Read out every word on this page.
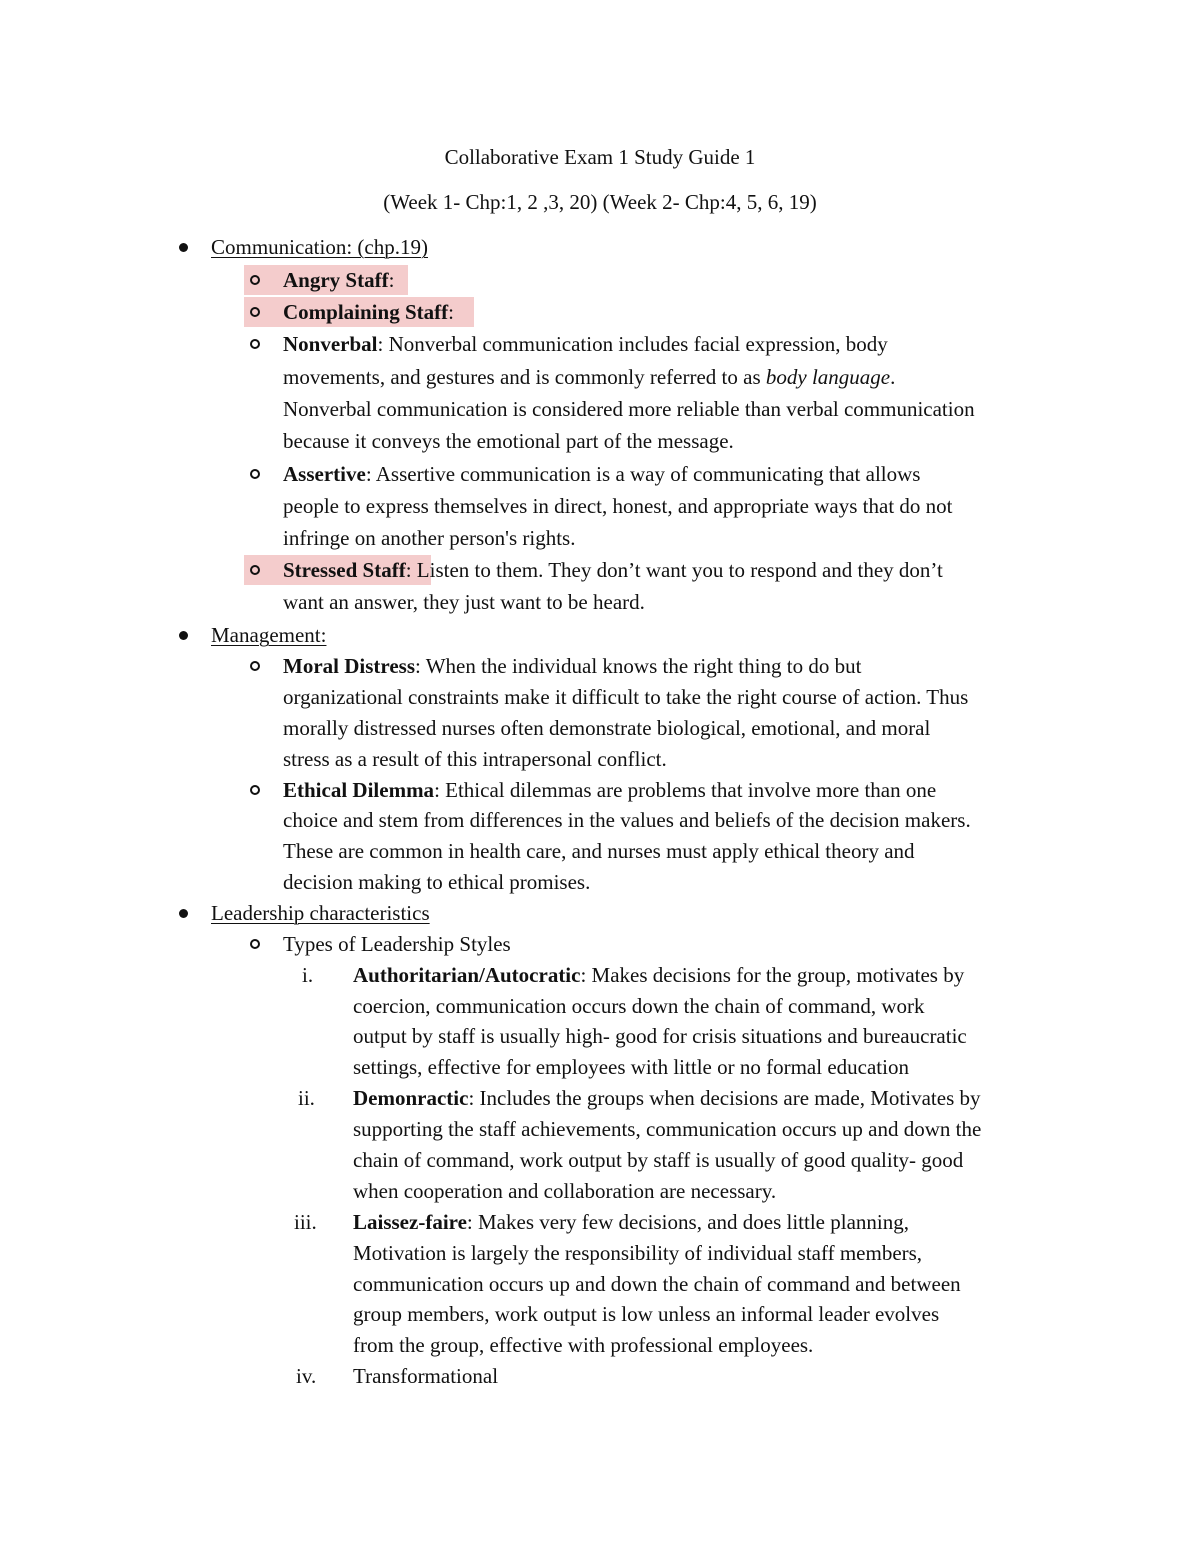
Collaborative Exam 1 Study Guide 1
(Week 1- Chp:1, 2 ,3, 20) (Week 2- Chp:4, 5, 6, 19)
Communication: (chp.19)
Angry Staff:
Complaining Staff:
Nonverbal: Nonverbal communication includes facial expression, body
movements, and gestures and is commonly referred to as body language.
Nonverbal communication is considered more reliable than verbal communication
because it conveys the emotional part of the message.
Assertive: Assertive communication is a way of communicating that allows
people to express themselves in direct, honest, and appropriate ways that do not
infringe on another person's rights.
Stressed Staff: Listen to them. They don’t want you to respond and they don’t
want an answer, they just want to be heard.
Management:
Moral Distress: When the individual knows the right thing to do but
organizational constraints make it difficult to take the right course of action. Thus
morally distressed nurses often demonstrate biological, emotional, and moral
stress as a result of this intrapersonal conflict.
Ethical Dilemma: Ethical dilemmas are problems that involve more than one
choice and stem from differences in the values and beliefs of the decision makers.
These are common in health care, and nurses must apply ethical theory and
decision making to ethical promises.
Leadership characteristics
Types of Leadership Styles
i. Authoritarian/Autocratic: Makes decisions for the group, motivates by
coercion, communication occurs down the chain of command, work
output by staff is usually high- good for crisis situations and bureaucratic
settings, effective for employees with little or no formal education
ii. Demonractic: Includes the groups when decisions are made, Motivates by
supporting the staff achievements, communication occurs up and down the
chain of command, work output by staff is usually of good quality- good
when cooperation and collaboration are necessary.
iii. Laissez-faire: Makes very few decisions, and does little planning,
Motivation is largely the responsibility of individual staff members,
communication occurs up and down the chain of command and between
group members, work output is low unless an informal leader evolves
from the group, effective with professional employees.
iv. Transformational
